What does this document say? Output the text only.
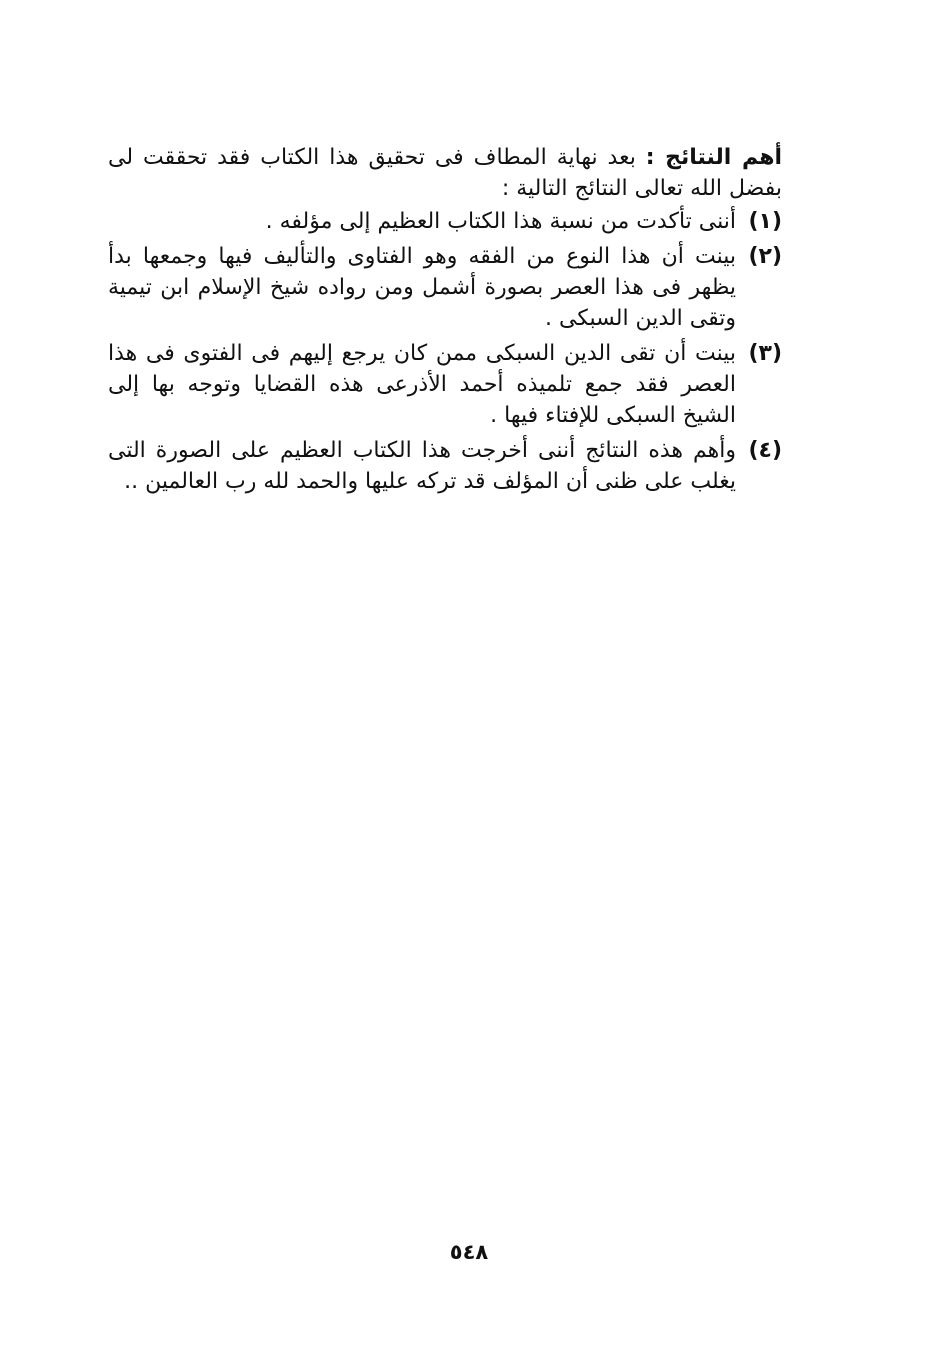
أهم النتائج : بعد نهاية المطاف فى تحقيق هذا الكتاب فقد تحققت لى بفضل الله تعالى النتائج التالية :

(١)
أننى تأكدت من نسبة هذا الكتاب العظيم إلى مؤلفه .
(٢)
بينت أن هذا النوع من الفقه وهو الفتاوى والتأليف فيها وجمعها بدأ يظهر فى هذا العصر بصورة أشمل ومن رواده شيخ الإسلام ابن تيمية وتقى الدين السبكى .
(٣)
بينت أن تقى الدين السبكى ممن كان يرجع إليهم فى الفتوى فى هذا العصر فقد جمع تلميذه أحمد الأذرعى هذه القضايا وتوجه بها إلى الشيخ السبكى للإفتاء فيها .
(٤)
وأهم هذه النتائج أننى أخرجت هذا الكتاب العظيم على الصورة التى يغلب على ظنى أن المؤلف قد تركه عليها والحمد لله رب العالمين ..
٥٤٨
